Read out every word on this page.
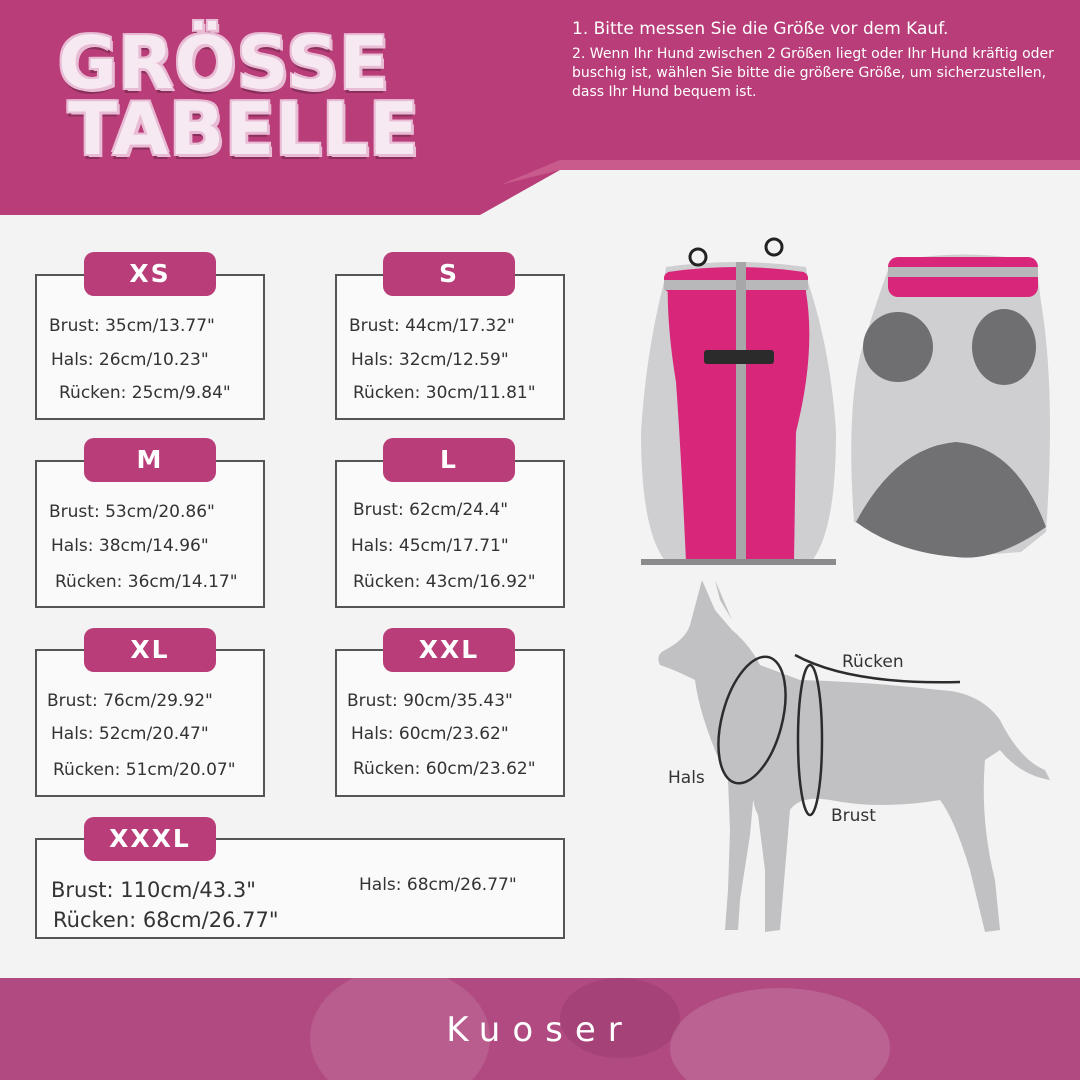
GRÖSSE
TABELLE
1. Bitte messen Sie die Größe vor dem Kauf.
2. Wenn Ihr Hund zwischen 2 Größen liegt oder Ihr Hund kräftig oder buschig ist, wählen Sie bitte die größere Größe, um sicherzustellen, dass Ihr Hund bequem ist.
Brust: 35cm/13.77"
Hals: 26cm/10.23"
Rücken: 25cm/9.84"
XS
Brust: 44cm/17.32"
Hals: 32cm/12.59"
Rücken: 30cm/11.81"
S
Brust: 53cm/20.86"
Hals: 38cm/14.96"
Rücken: 36cm/14.17"
M
Brust: 62cm/24.4"
Hals: 45cm/17.71"
Rücken: 43cm/16.92"
L
Brust: 76cm/29.92"
Hals: 52cm/20.47"
Rücken: 51cm/20.07"
XL
Brust: 90cm/35.43"
Hals: 60cm/23.62"
Rücken: 60cm/23.62"
XXL
Brust: 110cm/43.3"
Rücken: 68cm/26.77"
Hals: 68cm/26.77"
XXXL
Rücken
Hals
Brust
Kuoser
